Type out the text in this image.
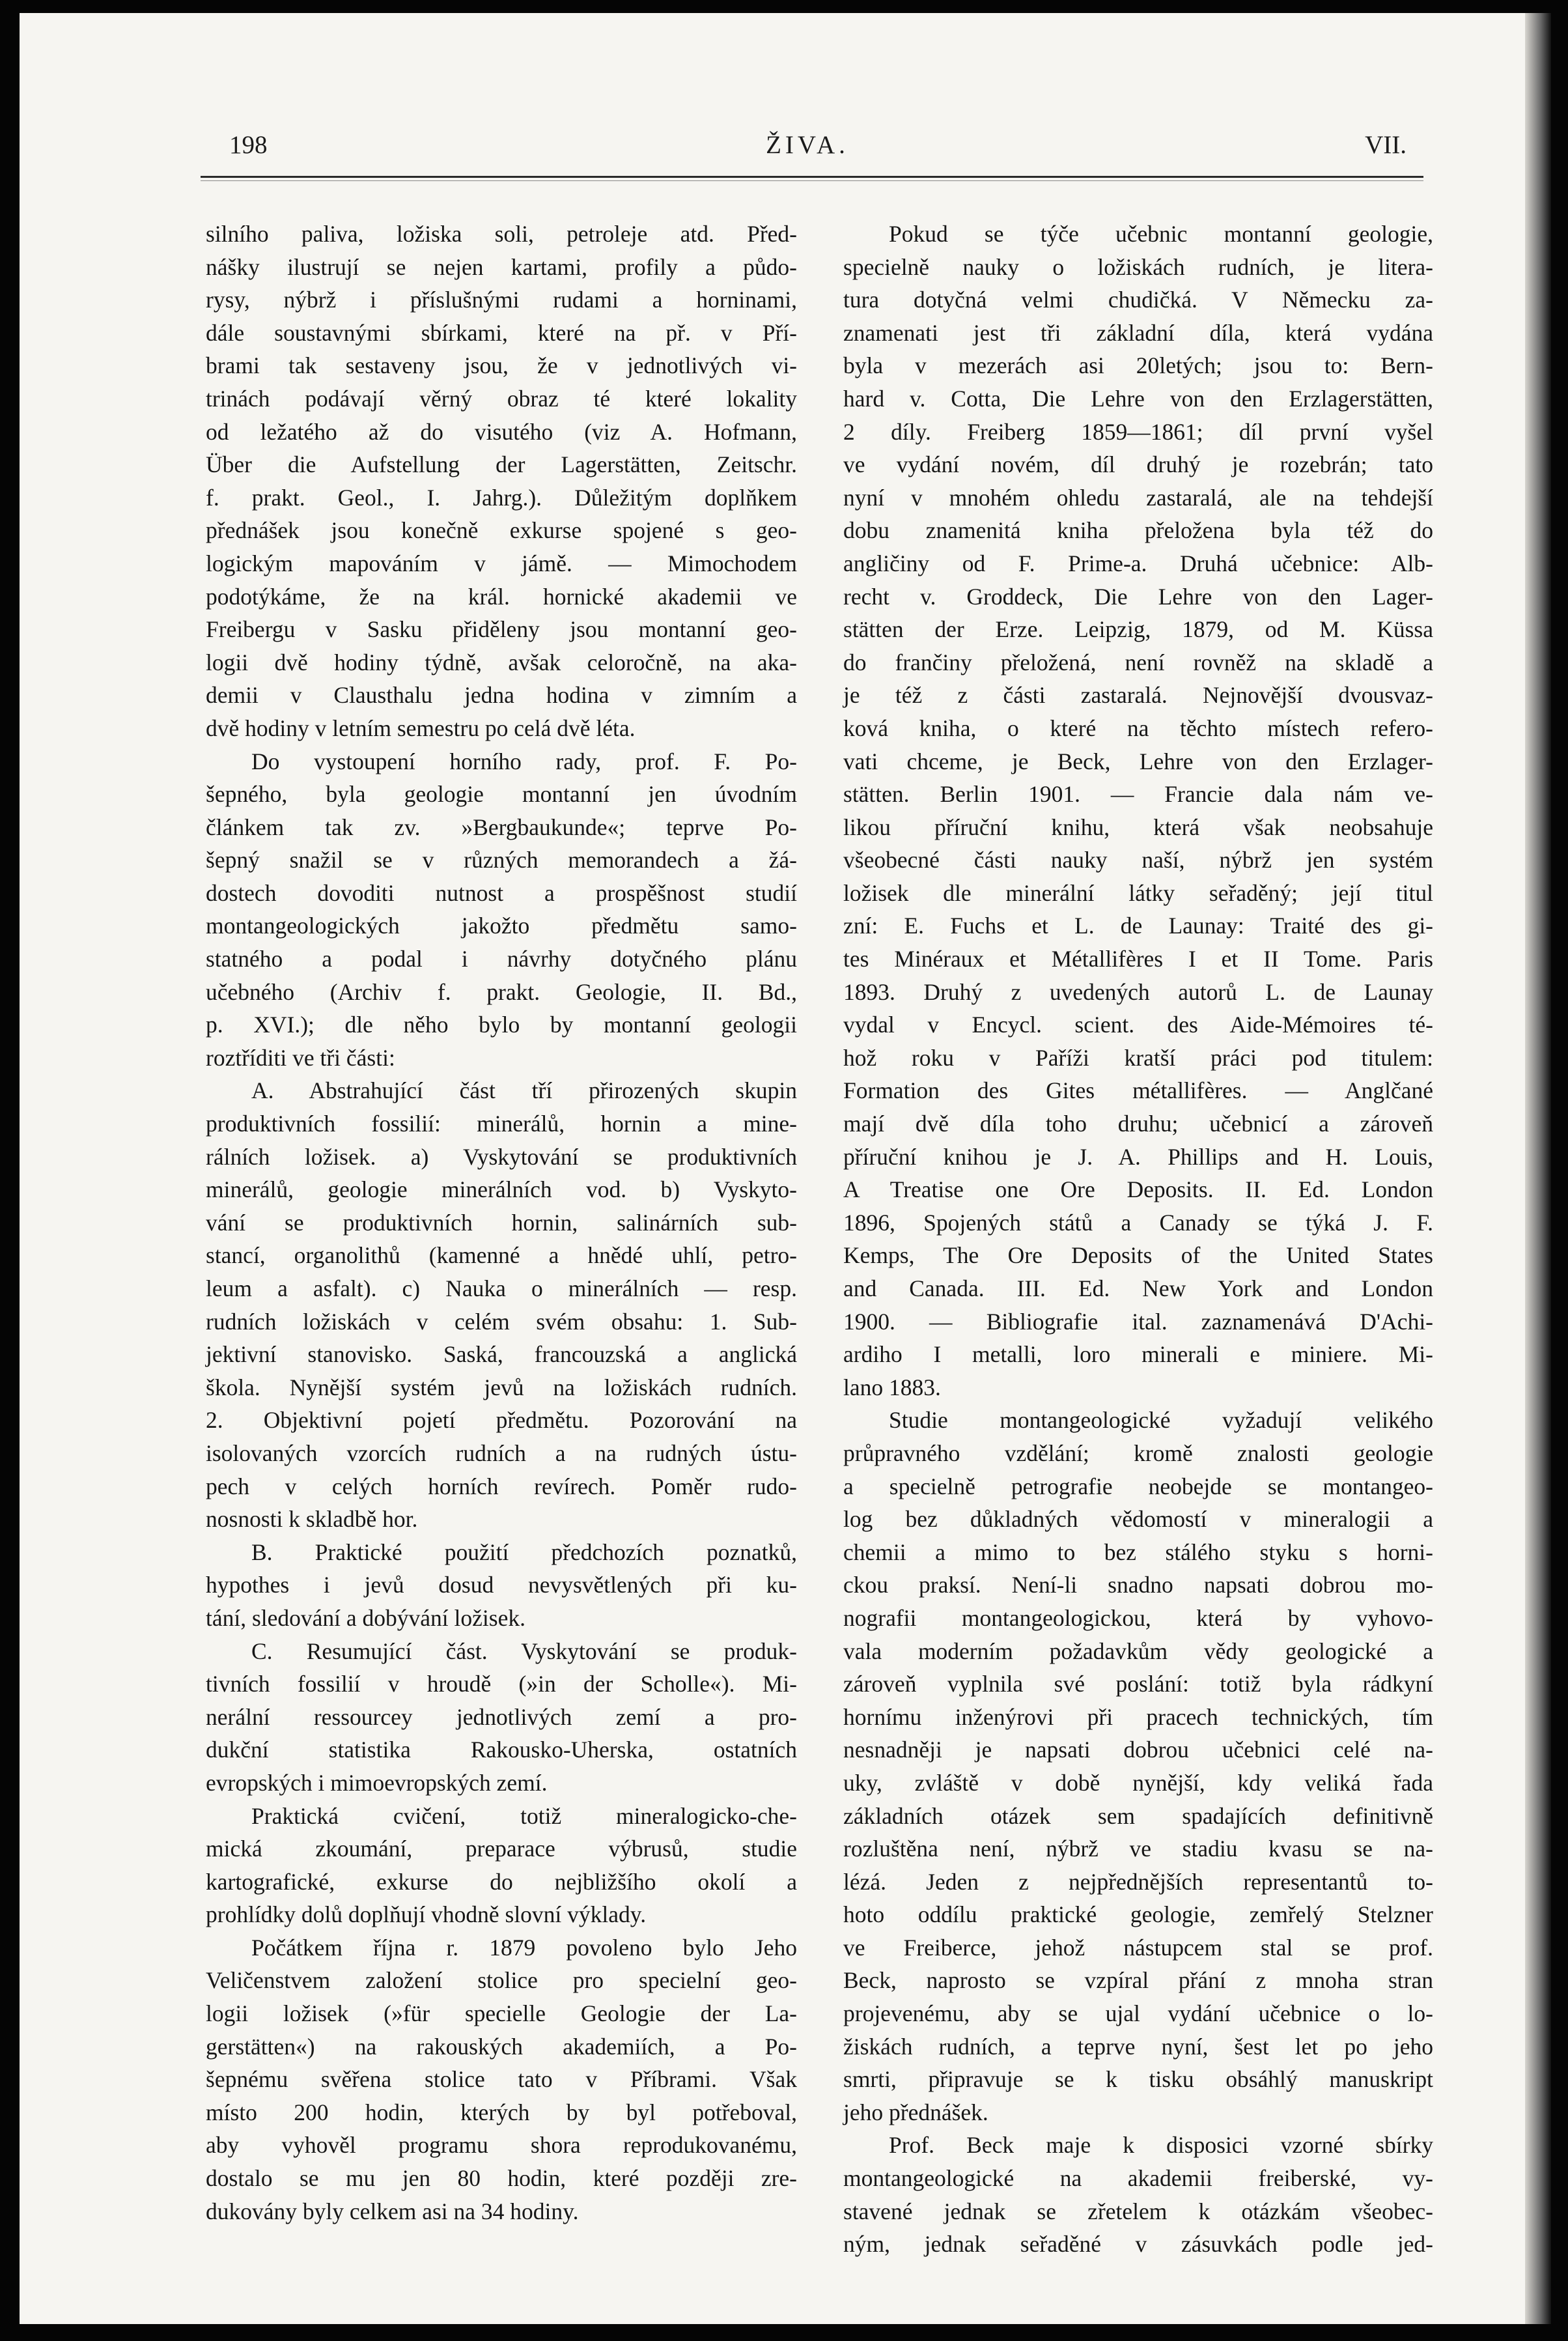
198	ŽIVA.	VII.

silního paliva, ložiska soli, petroleje atd. Před-

nášky ilustrují se nejen kartami, profily a půdo-

rysy, nýbrž i příslušnými rudami a horninami,

dále soustavnými sbírkami, které na př. v Pří-

brami tak sestaveny jsou, že v jednotlivých vi-

trinách podávají věrný obraz té které lokality

od ležatého až do visutého (viz A. Hofmann,

Über die Aufstellung der Lagerstätten, Zeitschr.

f. prakt. Geol., I. Jahrg.). Důležitým doplňkem

přednášek jsou konečně exkurse spojené s geo-

logickým mapováním v jámě. — Mimochodem

podotýkáme, že na král. hornické akademii ve

Freibergu v Sasku přiděleny jsou montanní geo-

logii dvě hodiny týdně, avšak celoročně, na aka-

demii v Clausthalu jedna hodina v zimním a

dvě hodiny v letním semestru po celá dvě léta.

Do vystoupení horního rady, prof. F. Po-

šepného, byla geologie montanní jen úvodním

článkem tak zv. »Bergbaukunde«; teprve Po-

šepný snažil se v různých memorandech a žá-

dostech dovoditi nutnost a prospěšnost studií

montangeologických jakožto předmětu samo-

statného a podal i návrhy dotyčného plánu

učebného (Archiv f. prakt. Geologie, II. Bd.,

p. XVI.); dle něho bylo by montanní geologii

roztříditi ve tři části:

A. Abstrahující část tří přirozených skupin

produktivních fossilií: minerálů, hornin a mine-

rálních ložisek. a) Vyskytování se produktivních

minerálů, geologie minerálních vod. b) Vyskyto-

vání se produktivních hornin, salinárních sub-

stancí, organolithů (kamenné a hnědé uhlí, petro-

leum a asfalt). c) Nauka o minerálních — resp.

rudních ložiskách v celém svém obsahu: 1. Sub-

jektivní stanovisko. Saská, francouzská a anglická

škola. Nynější systém jevů na ložiskách rudních.

2. Objektivní pojetí předmětu. Pozorování na

isolovaných vzorcích rudních a na rudných ústu-

pech v celých horních revírech. Poměr rudo-

nosnosti k skladbě hor.

B. Praktické použití předchozích poznatků,

hypothes i jevů dosud nevysvětlených při ku-

tání, sledování a dobývání ložisek.

C. Resumující část. Vyskytování se produk-

tivních fossilií v hroudě (»in der Scholle«). Mi-

nerální ressourcey jednotlivých zemí a pro-

dukční statistika Rakousko-Uherska, ostatních

evropských i mimoevropských zemí.

Praktická cvičení, totiž mineralogicko-che-

mická zkoumání, preparace výbrusů, studie

kartografické, exkurse do nejbližšího okolí a

prohlídky dolů doplňují vhodně slovní výklady.

Počátkem října r. 1879 povoleno bylo Jeho

Veličenstvem založení stolice pro specielní geo-

logii ložisek (»für specielle Geologie der La-

gerstätten«) na rakouských akademiích, a Po-

šepnému svěřena stolice tato v Příbrami. Však

místo 200 hodin, kterých by byl potřeboval,

aby vyhověl programu shora reprodukovanému,

dostalo se mu jen 80 hodin, které později zre-

dukovány byly celkem asi na 34 hodiny.

Pokud se týče učebnic montanní geologie,

specielně nauky o ložiskách rudních, je litera-

tura dotyčná velmi chudičká. V Německu za-

znamenati jest tři základní díla, která vydána

byla v mezerách asi 20letých; jsou to: Bern-

hard v. Cotta, Die Lehre von den Erzlagerstätten,

2 díly. Freiberg 1859—1861; díl první vyšel

ve vydání novém, díl druhý je rozebrán; tato

nyní v mnohém ohledu zastaralá, ale na tehdejší

dobu znamenitá kniha přeložena byla též do

angličiny od F. Prime-a. Druhá učebnice: Alb-

recht v. Groddeck, Die Lehre von den Lager-

stätten der Erze. Leipzig, 1879, od M. Küssa

do frančiny přeložená, není rovněž na skladě a

je též z části zastaralá. Nejnovější dvousvaz-

ková kniha, o které na těchto místech refero-

vati chceme, je Beck, Lehre von den Erzlager-

stätten. Berlin 1901. — Francie dala nám ve-

likou příruční knihu, která však neobsahuje

všeobecné části nauky naší, nýbrž jen systém

ložisek dle minerální látky seřaděný; její titul

zní: E. Fuchs et L. de Launay: Traité des gi-

tes Minéraux et Métallifères I et II Tome. Paris

1893. Druhý z uvedených autorů L. de Launay

vydal v Encycl. scient. des Aide-Mémoires té-

hož roku v Paříži kratší práci pod titulem:

Formation des Gites métallifères. — Anglčané

mají dvě díla toho druhu; učebnicí a zároveň

příruční knihou je J. A. Phillips and H. Louis,

A Treatise one Ore Deposits. II. Ed. London

1896, Spojených států a Canady se týká J. F.

Kemps, The Ore Deposits of the United States

and Canada. III. Ed. New York and London

1900. — Bibliografie ital. zaznamenává D'Achi-

ardiho I metalli, loro minerali e miniere. Mi-

lano 1883.

Studie montangeologické vyžadují velikého

průpravného vzdělání; kromě znalosti geologie

a specielně petrografie neobejde se montangeo-

log bez důkladných vědomostí v mineralogii a

chemii a mimo to bez stálého styku s horni-

ckou praksí. Není-li snadno napsati dobrou mo-

nografii montangeologickou, která by vyhovo-

vala moderním požadavkům vědy geologické a

zároveň vyplnila své poslání: totiž byla rádkyní

hornímu inženýrovi při pracech technických, tím

nesnadněji je napsati dobrou učebnici celé na-

uky, zvláště v době nynější, kdy veliká řada

základních otázek sem spadajících definitivně

rozluštěna není, nýbrž ve stadiu kvasu se na-

lézá. Jeden z nejpřednějších representantů to-

hoto oddílu praktické geologie, zemřelý Stelzner

ve Freiberce, jehož nástupcem stal se prof.

Beck, naprosto se vzpíral přání z mnoha stran

projevenému, aby se ujal vydání učebnice o lo-

žiskách rudních, a teprve nyní, šest let po jeho

smrti, připravuje se k tisku obsáhlý manuskript

jeho přednášek.

Prof. Beck maje k disposici vzorné sbírky

montangeologické na akademii freiberské, vy-

stavené jednak se zřetelem k otázkám všeobec-

ným, jednak seřaděné v zásuvkách podle jed-
